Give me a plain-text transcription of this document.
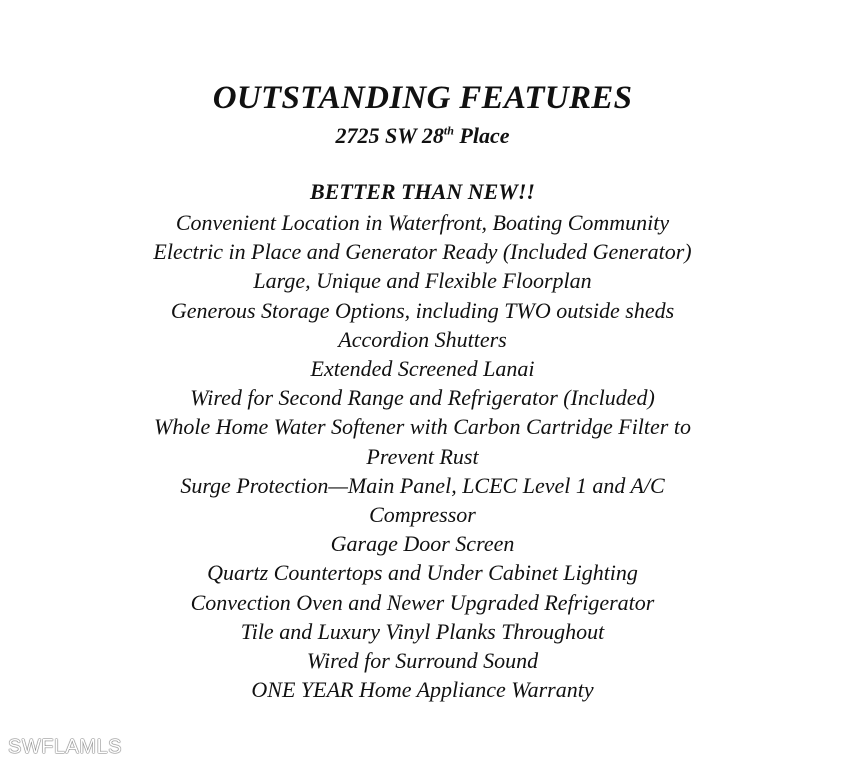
OUTSTANDING FEATURES
2725 SW 28th Place
BETTER THAN NEW!!
Convenient Location in Waterfront, Boating Community
Electric in Place and Generator Ready (Included Generator)
Large, Unique and Flexible Floorplan
Generous Storage Options, including TWO outside sheds
Accordion Shutters
Extended Screened Lanai
Wired for Second Range and Refrigerator (Included)
Whole Home Water Softener with Carbon Cartridge Filter to
Prevent Rust
Surge Protection—Main Panel, LCEC Level 1 and A/C
Compressor
Garage Door Screen
Quartz Countertops and Under Cabinet Lighting
Convection Oven and Newer Upgraded Refrigerator
Tile and Luxury Vinyl Planks Throughout
Wired for Surround Sound
ONE YEAR Home Appliance Warranty
SWFLAMLS
